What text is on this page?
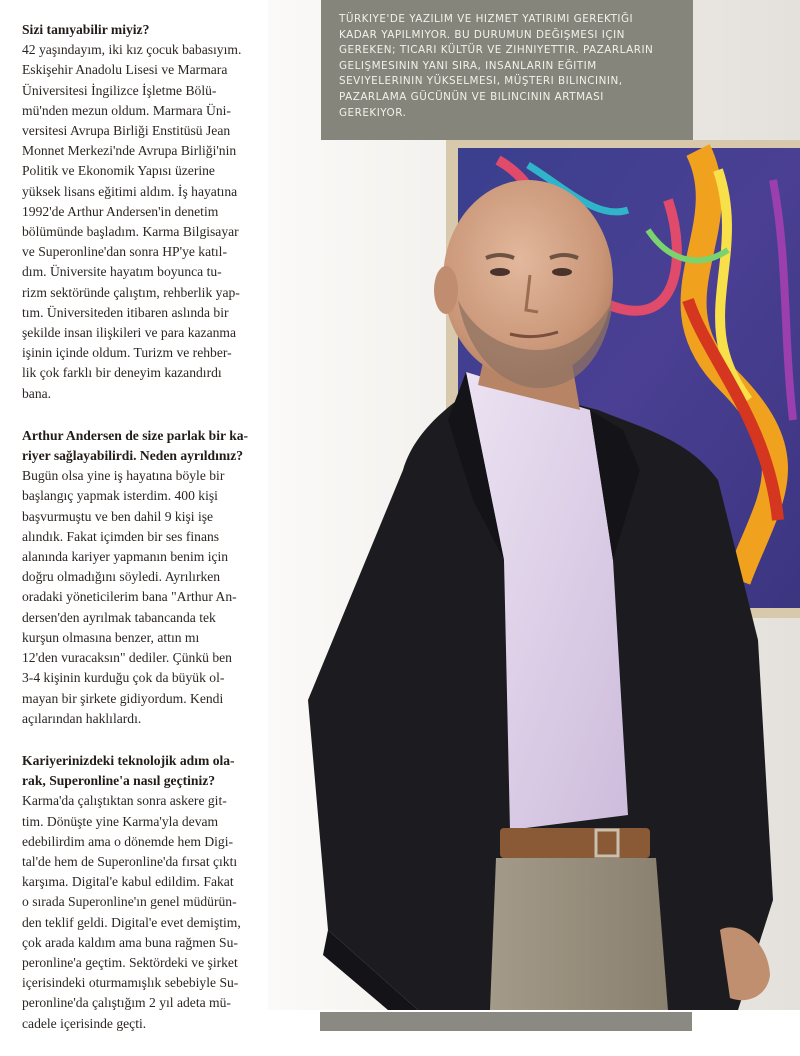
Sizi tanıyabilir miyiz?

42 yaşındayım, iki kız çocuk babasıyım.
Eskişehir Anadolu Lisesi ve Marmara
Üniversitesi İngilizce İşletme Bölü-
mü'nden mezun oldum. Marmara Üni-
versitesi Avrupa Birliği Enstitüsü Jean
Monnet Merkezi'nde Avrupa Birliği'nin
Politik ve Ekonomik Yapısı üzerine
yüksek lisans eğitimi aldım. İş hayatına
1992'de Arthur Andersen'in denetim
bölümünde başladım. Karma Bilgisayar
ve Superonline'dan sonra HP'ye katıl-
dım. Üniversite hayatım boyunca tu-
rizm sektöründe çalıştım, rehberlik yap-
tım. Üniversiteden itibaren aslında bir
şekilde insan ilişkileri ve para kazanma
işinin içinde oldum. Turizm ve rehber-
lik çok farklı bir deneyim kazandırdı
bana.

Arthur Andersen de size parlak bir ka-
riyer sağlayabilirdi. Neden ayrıldınız?

Bugün olsa yine iş hayatına böyle bir
başlangıç yapmak isterdim. 400 kişi
başvurmuştu ve ben dahil 9 kişi işe
alındık. Fakat içimden bir ses finans
alanında kariyer yapmanın benim için
doğru olmadığını söyledi. Ayrılırken
oradaki yöneticilerim bana "Arthur An-
dersen'den ayrılmak tabancanda tek
kurşun olmasına benzer, attın mı
12'den vuracaksın" dediler. Çünkü ben
3-4 kişinin kurduğu çok da büyük ol-
mayan bir şirkete gidiyordum. Kendi
açılarından haklılardı.

Kariyerinizdeki teknolojik adım ola-
rak, Superonline'a nasıl geçtiniz?

Karma'da çalıştıktan sonra askere git-
tim. Dönüşte yine Karma'yla devam
edebilirdim ama o dönemde hem Digi-
tal'de hem de Superonline'da fırsat çıktı
karşıma. Digital'e kabul edildim. Fakat
o sırada Superonline'ın genel müdürün-
den teklif geldi. Digital'e evet demiştim,
çok arada kaldım ama buna rağmen Su-
peronline'a geçtim. Sektördeki ve şirket
içerisindeki oturmamışlık sebebiyle Su-
peronline'da çalıştığım 2 yıl adeta mü-
cadele içerisinde geçti.

TÜRKIYE'DE YAZILIM VE HIZMET YATIRIMI GEREKTIĞI
KADAR YAPILMIYOR. BU DURUMUN DEĞIŞMESI IÇIN
GEREKEN; TICARI KÜLTÜR VE ZIHNIYETTIR. PAZARLARIN
GELIŞMESININ YANI SIRA, INSANLARIN EĞITIM
SEVIYELERININ YÜKSELMESI, MÜŞTERI BILINCININ,
PAZARLAMA GÜCÜNÜN VE BILINCININ ARTMASI
GEREKIYOR.
